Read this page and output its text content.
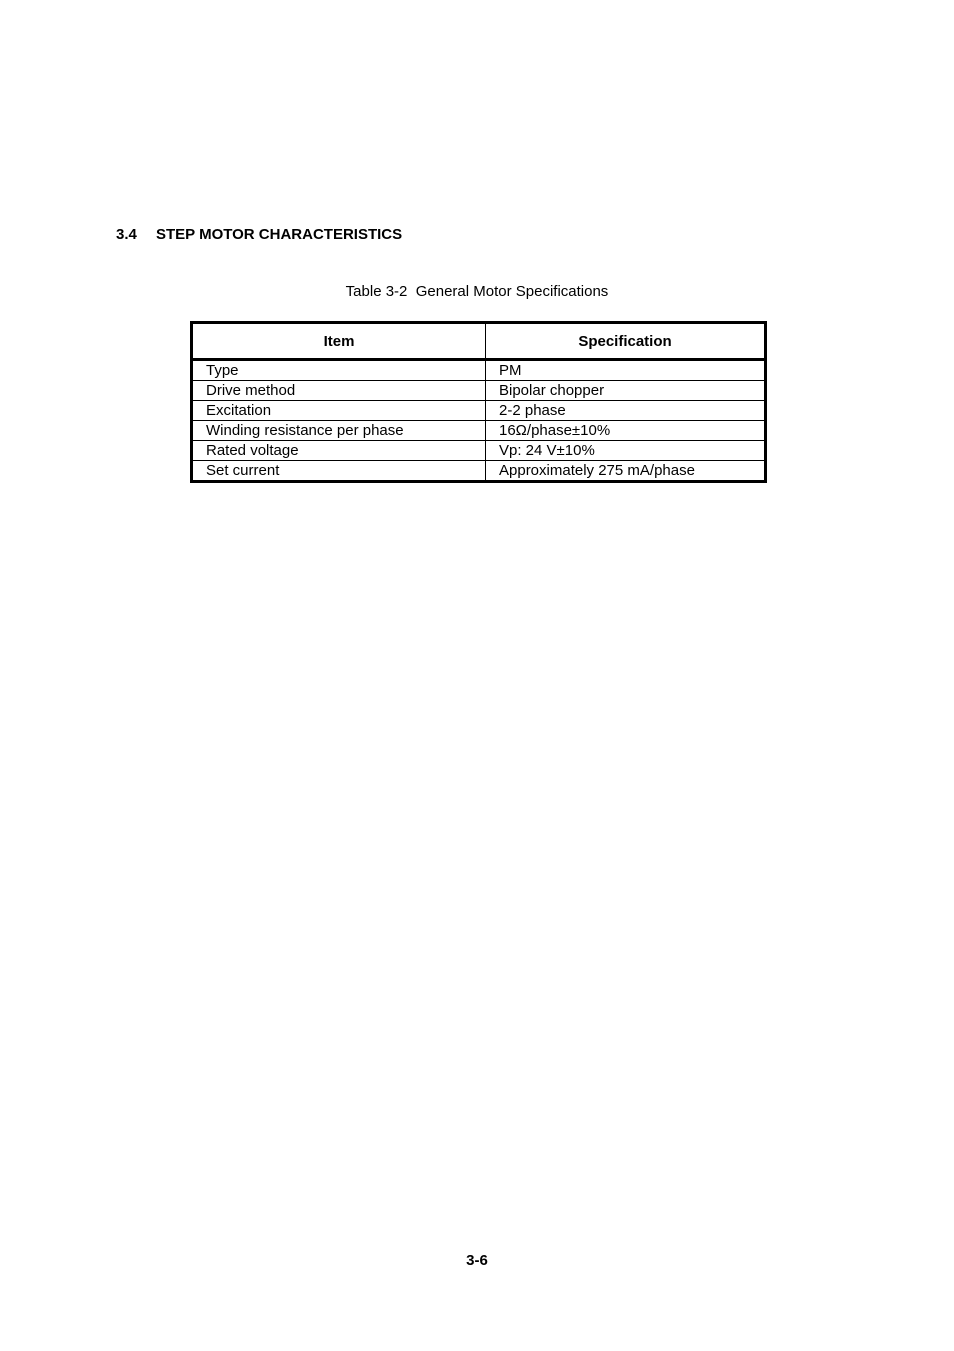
3.4 STEP MOTOR CHARACTERISTICS
Table 3-2  General Motor Specifications
Item	Specification
Type	PM
Drive method	Bipolar chopper
Excitation	2-2 phase
Winding resistance per phase	16Ω/phase±10%
Rated voltage	Vp: 24 V±10%
Set current	Approximately 275 mA/phase
3-6
